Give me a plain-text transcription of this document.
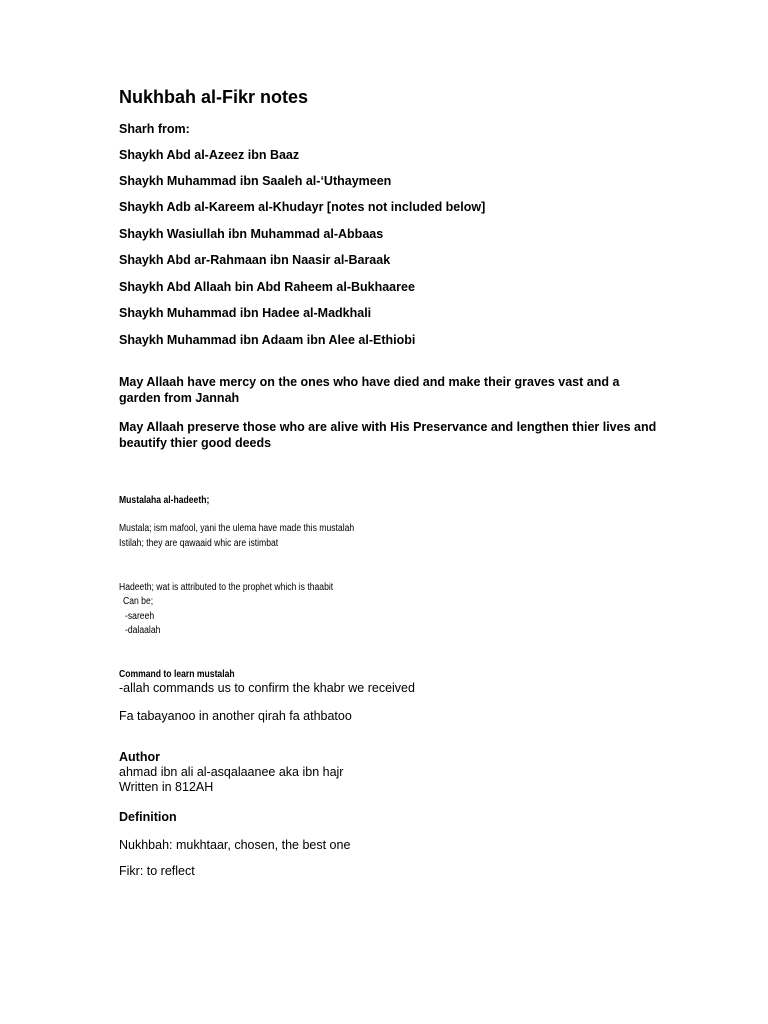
Nukhbah al-Fikr notes

Sharh from:

Shaykh Abd al-Azeez ibn Baaz

Shaykh Muhammad ibn Saaleh al-‘Uthaymeen

Shaykh Adb al-Kareem al-Khudayr [notes not included below]

Shaykh Wasiullah ibn Muhammad al-Abbaas

Shaykh Abd ar-Rahmaan ibn Naasir al-Baraak

Shaykh Abd Allaah bin Abd Raheem al-Bukhaaree

Shaykh Muhammad ibn Hadee al-Madkhali

Shaykh Muhammad ibn Adaam ibn Alee al-Ethiobi

May Allaah have mercy on the ones who have died and make their graves vast and a garden from Jannah

May Allaah preserve those who are alive with His Preservance and lengthen thier lives and beautify thier good deeds

Mustalaha al-hadeeth;

Mustala; ism mafool, yani the ulema have made this mustalah

Istilah; they are qawaaid whic are istimbat

Hadeeth; wat is attributed to the prophet which is thaabit

Can be;

-sareeh

-dalaalah

Command to learn mustalah

-allah commands us to confirm the khabr we received

Fa tabayanoo in another qirah fa athbatoo

Author

ahmad ibn ali al-asqalaanee aka ibn hajr

Written in 812AH

Definition

Nukhbah: mukhtaar, chosen, the best one

Fikr: to reflect
